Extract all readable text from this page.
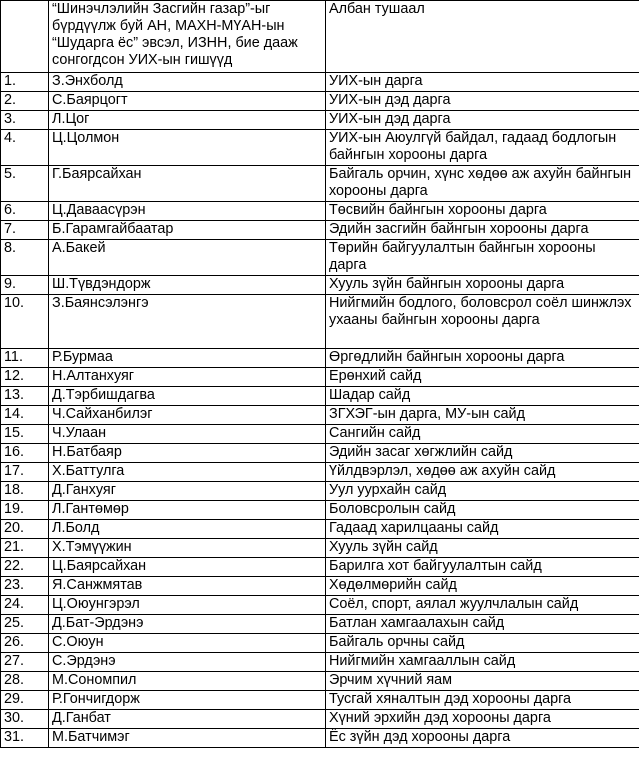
	“Шинэчлэлийн Засгийн газар”-ыг бүрдүүлж буй АН, МАХН-МҮАН-ын “Шударга ёс” эвсэл, ИЗНН, бие дааж сонгогдсон УИХ-ын гишүүд	Албан тушаал
1.	З.Энхболд	УИХ-ын дарга
2.	С.Баярцогт	УИХ-ын дэд дарга
3.	Л.Цог	УИХ-ын дэд дарга
4.	Ц.Цолмон	УИХ-ын Аюулгүй байдал, гадаад бодлогын байнгын хорооны дарга
5.	Г.Баярсайхан	Байгаль орчин, хүнс хөдөө аж ахуйн байнгын хорооны дарга
6.	Ц.Даваасүрэн	Төсвийн байнгын хорооны дарга
7.	Б.Гарамгайбаатар	Эдийн засгийн байнгын хорооны дарга
8.	А.Бакей	Төрийн байгуулалтын байнгын хорооны дарга
9.	Ш.Түвдэндорж	Хууль зүйн байнгын хорооны дарга
10.	З.Баянсэлэнгэ	Нийгмийн бодлого, боловсрол соёл шинжлэх ухааны байнгын хорооны дарга
11.	Р.Бурмаа	Өргөдлийн байнгын хорооны дарга
12.	Н.Алтанхуяг	Ерөнхий сайд
13.	Д.Тэрбишдагва	Шадар сайд
14.	Ч.Сайханбилэг	ЗГХЭГ-ын дарга, МУ-ын сайд
15.	Ч.Улаан	Сангийн сайд
16.	Н.Батбаяр	Эдийн засаг хөгжлийн сайд
17.	Х.Баттулга	Үйлдвэрлэл, хөдөө аж ахуйн сайд
18.	Д.Ганхуяг	Уул уурхайн сайд
19.	Л.Гантөмөр	Боловсролын сайд
20.	Л.Болд	Гадаад харилцааны сайд
21.	Х.Тэмүүжин	Хууль зүйн сайд
22.	Ц.Баярсайхан	Барилга хот байгуулалтын сайд
23.	Я.Санжмятав	Хөдөлмөрийн сайд
24.	Ц.Оюунгэрэл	Соёл, спорт, аялал жуулчлалын сайд
25.	Д.Бат-Эрдэнэ	Батлан хамгаалахын сайд
26.	С.Оюун	Байгаль орчны сайд
27.	С.Эрдэнэ	Нийгмийн хамгааллын сайд
28.	М.Сономпил	Эрчим хүчний яам
29.	Р.Гончигдорж	Тусгай хяналтын дэд хорооны дарга
30.	Д.Ганбат	Хүний эрхийн дэд хорооны дарга
31.	М.Батчимэг	Ёс зүйн дэд хорооны дарга
